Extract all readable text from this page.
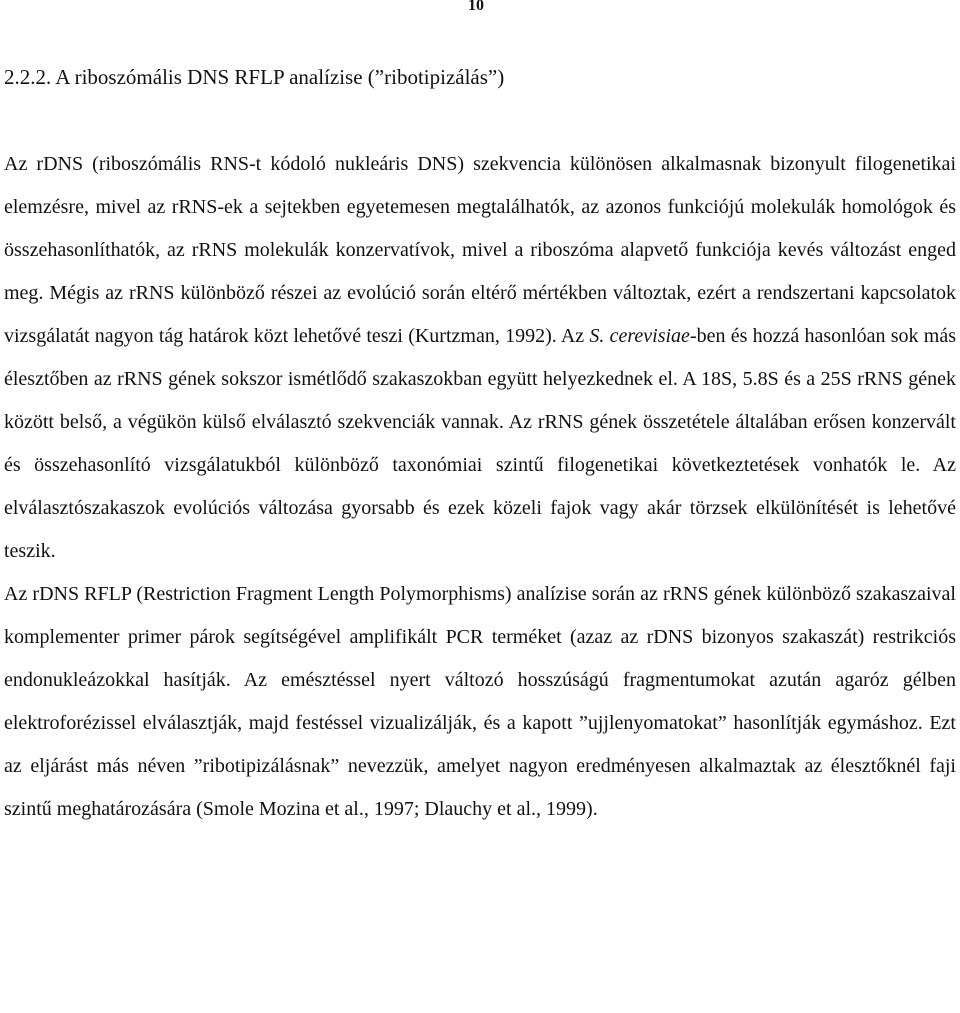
10
2.2.2. A riboszómális DNS RFLP analízise (”ribotipizálás”)

Az rDNS (riboszómális RNS-t kódoló nukleáris DNS) szekvencia különösen alkalmasnak bizonyult filogenetikai elemzésre, mivel az rRNS-ek a sejtekben egyetemesen megtalálhatók, az azonos funkciójú molekulák homológok és összehasonlíthatók, az rRNS molekulák konzervatívok, mivel a riboszóma alapvető funkciója kevés változást enged meg. Mégis az rRNS különböző részei az evolúció során eltérő mértékben változtak, ezért a rendszertani kapcsolatok vizsgálatát nagyon tág határok közt lehetővé teszi (Kurtzman, 1992). Az S. cerevisiae-ben és hozzá hasonlóan sok más élesztőben az rRNS gének sokszor ismétlődő szakaszokban együtt helyezkednek el. A 18S, 5.8S és a 25S rRNS gének között belső, a végükön külső elválasztó szekvenciák vannak. Az rRNS gének összetétele általában erősen konzervált és összehasonlító vizsgálatukból különböző taxonómiai szintű filogenetikai következtetések vonhatók le. Az elválasztószakaszok evolúciós változása gyorsabb és ezek közeli fajok vagy akár törzsek elkülönítését is lehetővé teszik.

Az rDNS RFLP (Restriction Fragment Length Polymorphisms) analízise során az rRNS gének különböző szakaszaival komplementer primer párok segítségével amplifikált PCR terméket (azaz az rDNS bizonyos szakaszát) restrikciós endonukleázokkal hasítják. Az emésztéssel nyert változó hosszúságú fragmentumokat azután agaróz gélben elektroforézissel elválasztják, majd festéssel vizualizálják, és a kapott ”ujjlenyomatokat” hasonlítják egymáshoz. Ezt az eljárást más néven ”ribotipizálásnak” nevezzük, amelyet nagyon eredményesen alkalmaztak az élesztőknél faji szintű meghatározására (Smole Mozina et al., 1997; Dlauchy et al., 1999).
